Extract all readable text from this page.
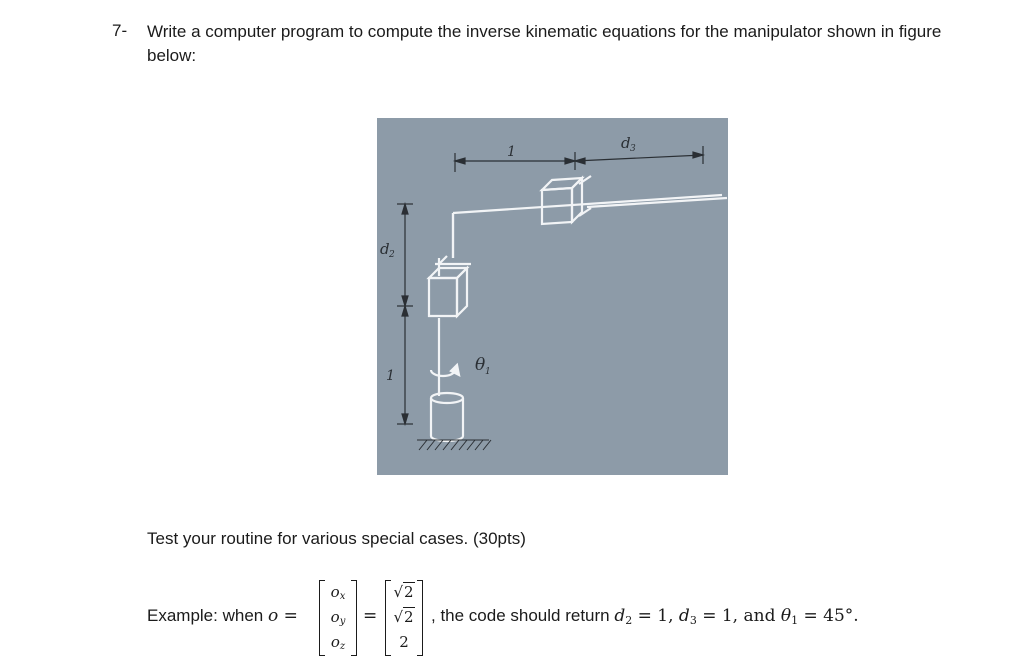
7- Write a computer program to compute the inverse kinematic equations for the manipulator shown in figure below:
1	d 3
d 2
1
θ 1
Test your routine for various special cases. (30pts)
Example: when o =
$o_x$
$o_y$
$o_z$
=
√2
√2
2
, the code should return $d_2 = 1$, $d_3 = 1$, and $\theta_1 = 45^\circ$.
